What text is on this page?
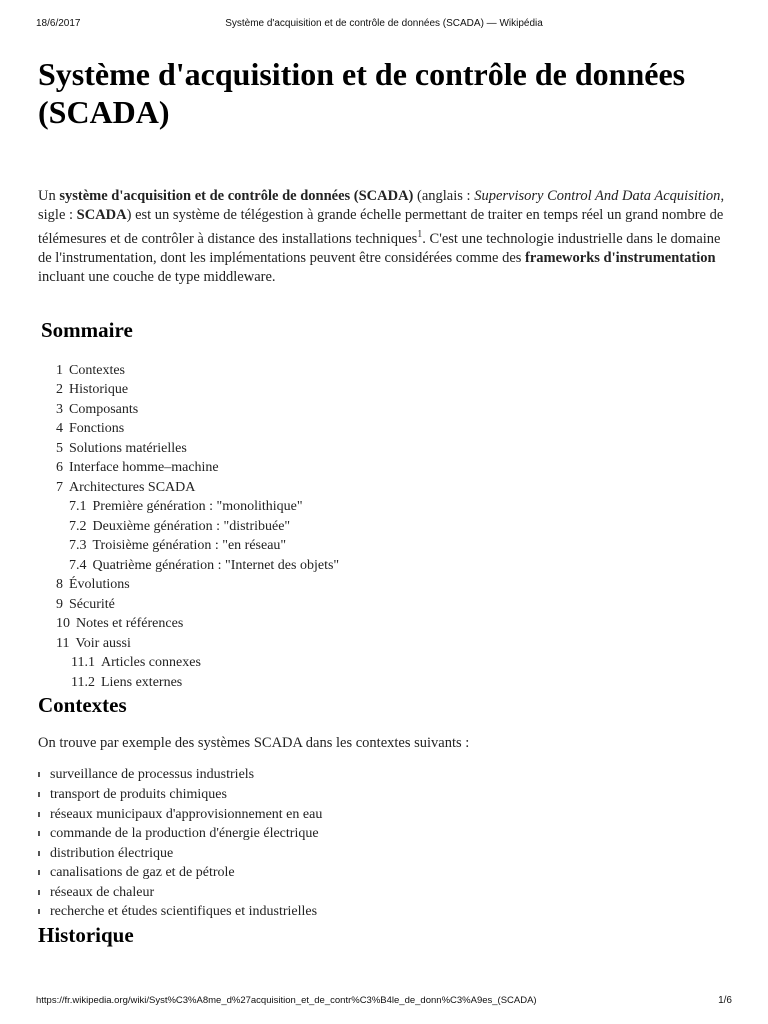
18/6/2017	Système d'acquisition et de contrôle de données (SCADA) — Wikipédia
Système d'acquisition et de contrôle de données (SCADA)

Un système d'acquisition et de contrôle de données (SCADA) (anglais : Supervisory Control And Data Acquisition, sigle : SCADA) est un système de télégestion à grande échelle permettant de traiter en temps réel un grand nombre de télémesures et de contrôler à distance des installations techniques$^1$. C'est une technologie industrielle dans le domaine de l'instrumentation, dont les implémentations peuvent être considérées comme des frameworks d'instrumentation incluant une couche de type middleware.

Sommaire
1 Contextes
2 Historique
3 Composants
4 Fonctions
5 Solutions matérielles
6 Interface homme–machine
7 Architectures SCADA
7.1 Première génération : "monolithique"
7.2 Deuxième génération : "distribuée"
7.3 Troisième génération : "en réseau"
7.4 Quatrième génération : "Internet des objets"
8 Évolutions
9 Sécurité
10 Notes et références
11 Voir aussi
11.1 Articles connexes
11.2 Liens externes
Contextes

On trouve par exemple des systèmes SCADA dans les contextes suivants :

surveillance de processus industriels
transport de produits chimiques
réseaux municipaux d'approvisionnement en eau
commande de la production d'énergie électrique
distribution électrique
canalisations de gaz et de pétrole
réseaux de chaleur
recherche et études scientifiques et industrielles
Historique
https://fr.wikipedia.org/wiki/Syst%C3%A8me_d%27acquisition_et_de_contr%C3%B4le_de_donn%C3%A9es_(SCADA)	1/6
